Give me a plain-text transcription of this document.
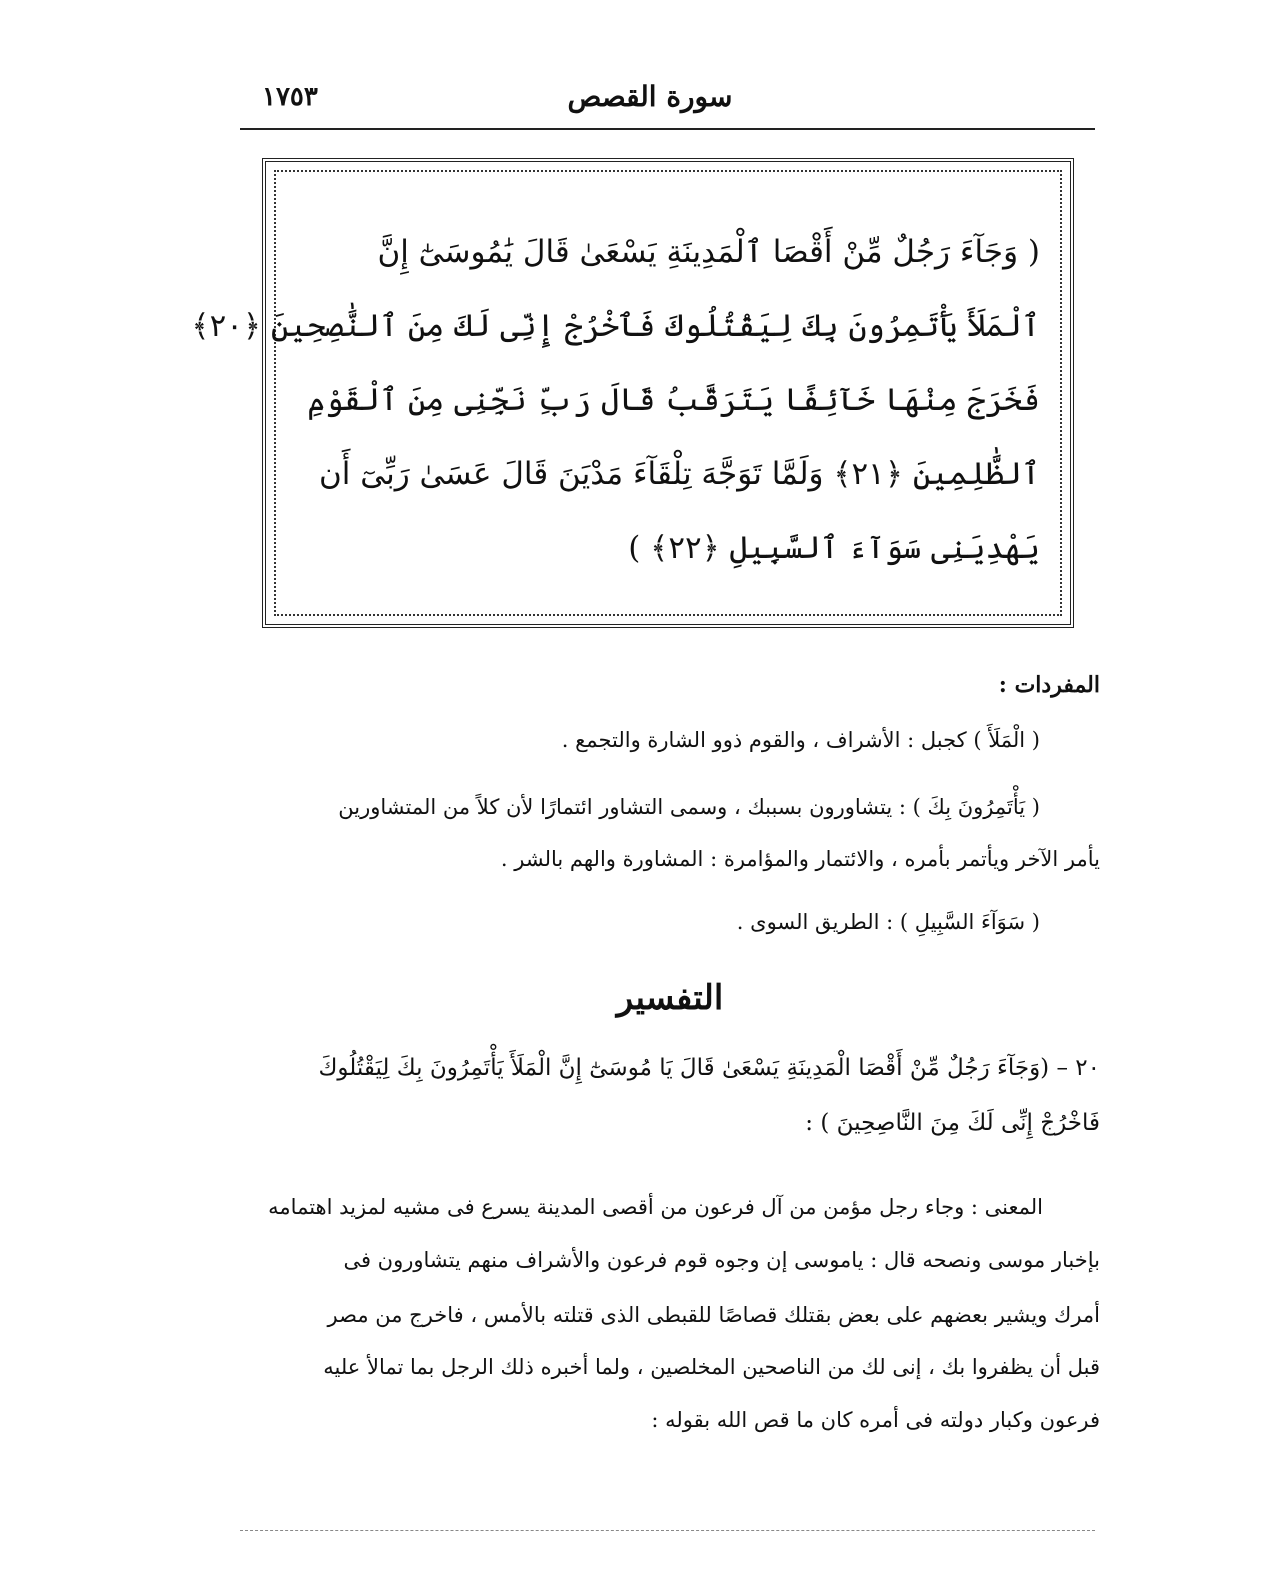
١٧٥٣	سورة القصص
( وَجَآءَ رَجُلٌ مِّنْ أَقْصَا ٱلْمَدِينَةِ يَسْعَىٰ قَالَ يَٰمُوسَىٰٓ إِنَّ
ٱلْمَلَأَ يَأْتَمِرُونَ بِكَ لِيَقْتُلُوكَ فَٱخْرُجْ إِنِّى لَكَ مِنَ ٱلنَّٰصِحِينَ ﴿٢٠﴾
فَخَرَجَ مِنْهَا خَآئِفًا يَتَرَقَّبُ قَالَ رَبِّ نَجِّنِى مِنَ ٱلْقَوْمِ
ٱلظَّٰلِمِينَ ﴿٢١﴾ وَلَمَّا تَوَجَّهَ تِلْقَآءَ مَدْيَنَ قَالَ عَسَىٰ رَبِّىٓ أَن
يَهْدِيَنِى سَوَآءَ ٱلسَّبِيلِ ﴿٢٢﴾ )
المفردات :
( الْمَلَأَ ) كجبل : الأشراف ، والقوم ذوو الشارة والتجمع .
( يَأْتَمِرُونَ بِكَ ) : يتشاورون بسببك ، وسمى التشاور ائتمارًا لأن كلاً من المتشاورين
يأمر الآخر ويأتمر بأمره ، والائتمار والمؤامرة : المشاورة والهم بالشر .
( سَوَآءَ السَّبِيلِ ) : الطريق السوى .
التفسير
٢٠ – (وَجَآءَ رَجُلٌ مِّنْ أَقْصَا الْمَدِينَةِ يَسْعَىٰ قَالَ يَا مُوسَىٰٓ إِنَّ الْمَلَأَ يَأْتَمِرُونَ بِكَ لِيَقْتُلُوكَ
فَاخْرُجْ إِنِّى لَكَ مِنَ النَّاصِحِينَ ) :
المعنى : وجاء رجل مؤمن من آل فرعون من أقصى المدينة يسرع فى مشيه لمزيد اهتمامه
بإخبار موسى ونصحه قال : ياموسى إن وجوه قوم فرعون والأشراف منهم يتشاورون فى
أمرك ويشير بعضهم على بعض بقتلك قصاصًا للقبطى الذى قتلته بالأمس ، فاخرج من مصر
قبل أن يظفروا بك ، إنى لك من الناصحين المخلصين ، ولما أخبره ذلك الرجل بما تمالأ عليه
فرعون وكبار دولته فى أمره كان ما قص الله بقوله :
